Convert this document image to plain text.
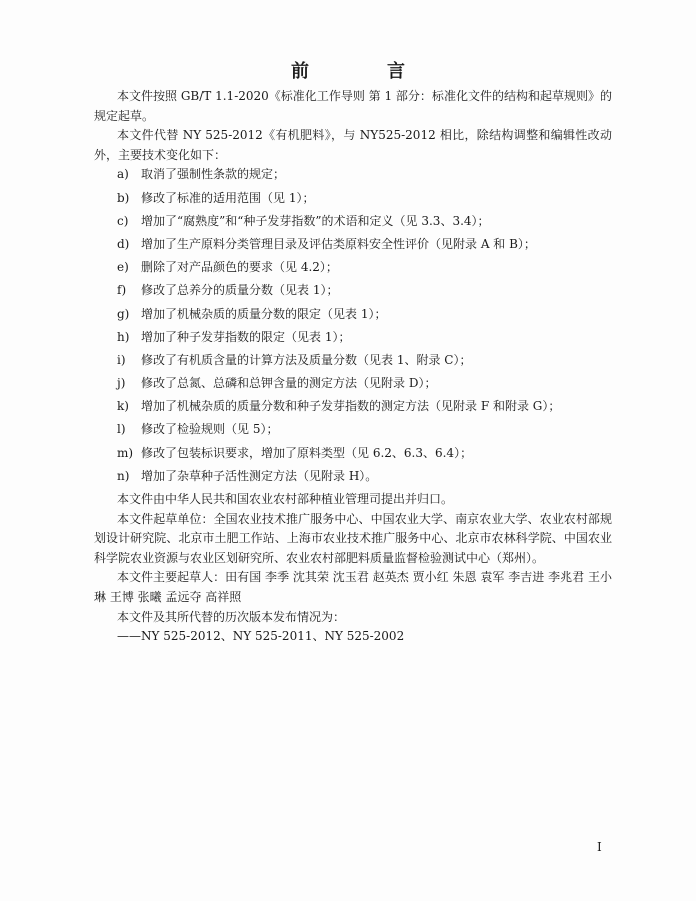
前　言

本文件按照 GB/T 1.1-2020《标准化工作导则 第 1 部分：标准化文件的结构和起草规则》的规定起草。

本文件代替 NY 525-2012《有机肥料》，与 NY525-2012 相比，除结构调整和编辑性改动外，主要技术变化如下：

a)	取消了强制性条款的规定；
b) 修改了标准的适用范围（见 1）；
c)	增加了“腐熟度”和“种子发芽指数”的术语和定义（见 3.3、3.4）；
d) 增加了生产原料分类管理目录及评估类原料安全性评价（见附录 A 和 B）；
e)	删除了对产品颜色的要求（见 4.2）；
f)	修改了总养分的质量分数（见表 1）；
g) 增加了机械杂质的质量分数的限定（见表 1）；
h) 增加了种子发芽指数的限定（见表 1）；
i)	修改了有机质含量的计算方法及质量分数（见表 1、附录 C）；
j)	修改了总氮、总磷和总钾含量的测定方法（见附录 D）；
k)	增加了机械杂质的质量分数和种子发芽指数的测定方法（见附录 F 和附录 G）；
l)	修改了检验规则（见 5）；
m) 修改了包装标识要求，增加了原料类型（见 6.2、6.3、6.4）；
n) 增加了杂草种子活性测定方法（见附录 H）。

本文件由中华人民共和国农业农村部种植业管理司提出并归口。

本文件起草单位：全国农业技术推广服务中心、中国农业大学、南京农业大学、农业农村部规划设计研究院、北京市土肥工作站、上海市农业技术推广服务中心、北京市农林科学院、中国农业科学院农业资源与农业区划研究所、农业农村部肥料质量监督检验测试中心（郑州）。

本文件主要起草人：田有国 李季 沈其荣 沈玉君 赵英杰 贾小红 朱恩 袁军 李吉进 李兆君 王小琳 王博 张曦 孟远夺 高祥照

本文件及其所代替的历次版本发布情况为：

——NY 525-2012、NY 525-2011、NY 525-2002

I
